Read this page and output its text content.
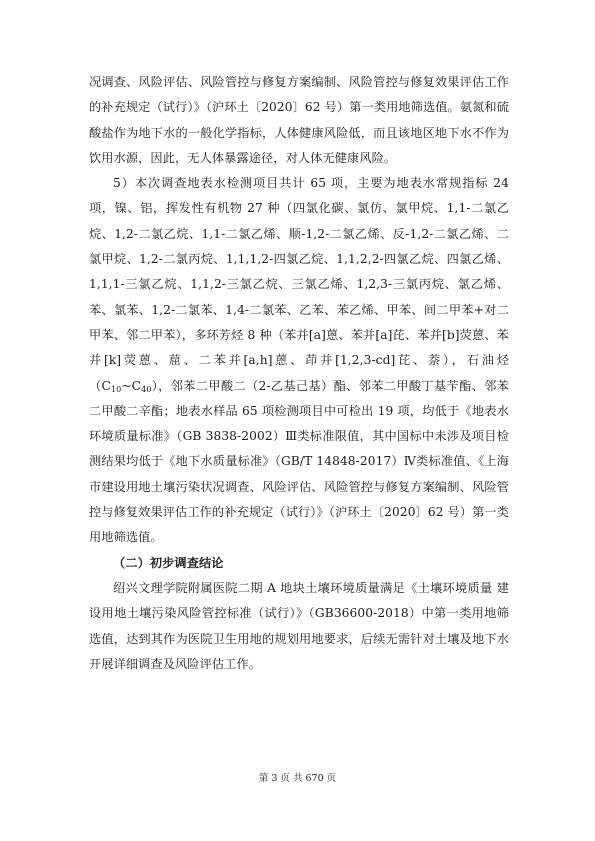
况调查、风险评估、风险管控与修复方案编制、风险管控与修复效果评估工作的补充规定（试行）》（沪环土〔2020〕62 号）第一类用地筛选值。氨氮和硫酸盐作为地下水的一般化学指标，人体健康风险低，而且该地区地下水不作为饮用水源，因此，无人体暴露途径，对人体无健康风险。

5）本次调查地表水检测项目共计 65 项，主要为地表水常规指标 24 项，镍、铝，挥发性有机物 27 种（四氯化碳、氯仿、氯甲烷、1,1-二氯乙烷、1,2-二氯乙烷、1,1-二氯乙烯、顺-1,2-二氯乙烯、反-1,2-二氯乙烯、二氯甲烷、1,2-二氯丙烷、1,1,1,2-四氯乙烷、1,1,2,2-四氯乙烷、四氯乙烯、1,1,1-三氯乙烷、1,1,2-三氯乙烷、三氯乙烯、1,2,3-三氯丙烷、氯乙烯、苯、氯苯、1,2-二氯苯、1,4-二氯苯、乙苯、苯乙烯、甲苯、间二甲苯+对二甲苯、邻二甲苯），多环芳烃 8 种（苯并[a]蒽、苯并[a]芘、苯并[b]荧蒽、苯并[k]荧蒽、䓛、二苯并[a,h]蒽、茚并[1,2,3-cd]芘、萘），石油烃$(C_{10}\sim C_{40})$，邻苯二甲酸二（2-乙基己基）酯、邻苯二甲酸丁基苄酯、邻苯二甲酸二辛酯；地表水样品 65 项检测项目中可检出 19 项，均低于《地表水环境质量标准》（GB 3838-2002）Ⅲ类标准限值，其中国标中未涉及项目检测结果均低于《地下水质量标准》（GB/T 14848-2017）Ⅳ类标准值、《上海市建设用地土壤污染状况调查、风险评估、风险管控与修复方案编制、风险管控与修复效果评估工作的补充规定（试行）》（沪环土〔2020〕62 号）第一类用地筛选值。

（二）初步调查结论

绍兴文理学院附属医院二期 A 地块土壤环境质量满足《土壤环境质量 建设用地土壤污染风险管控标准（试行）》（GB36600-2018）中第一类用地筛选值，达到其作为医院卫生用地的规划用地要求，后续无需针对土壤及地下水开展详细调查及风险评估工作。

第 3 页 共 670 页
